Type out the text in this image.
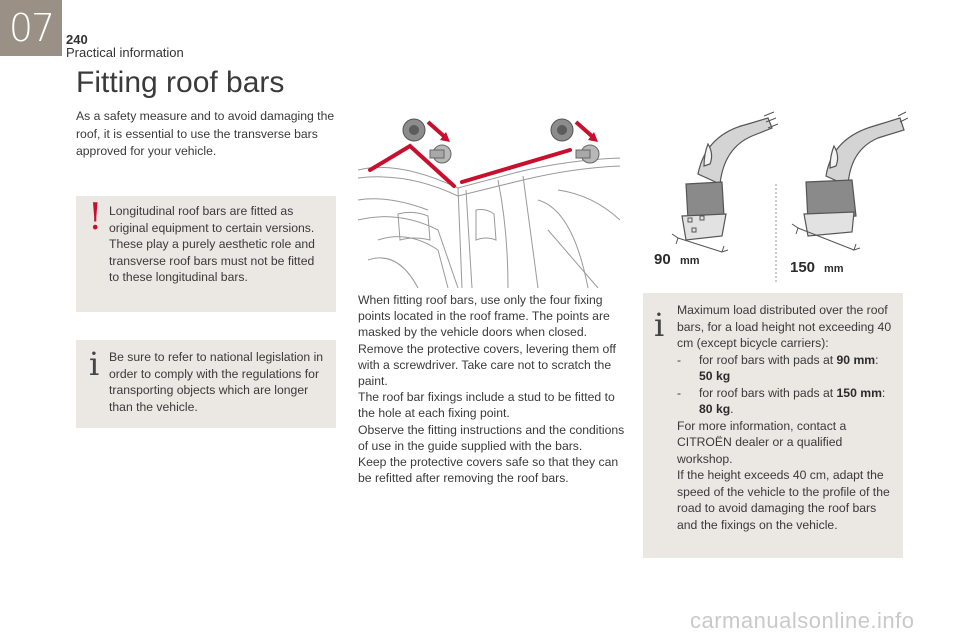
07 240
Practical information
Fitting roof bars
As a safety measure and to avoid damaging the roof, it is essential to use the transverse bars approved for your vehicle.
! Longitudinal roof bars are fitted as original equipment to certain versions. These play a purely aesthetic role and transverse roof bars must not be fitted to these longitudinal bars.
i Be sure to refer to national legislation in order to comply with the regulations for transporting objects which are longer than the vehicle.

When fitting roof bars, use only the four fixing points located in the roof frame. The points are masked by the vehicle doors when closed.

Remove the protective covers, levering them off with a screwdriver. Take care not to scratch the paint.

The roof bar fixings include a stud to be fitted to the hole at each fixing point.

Observe the fitting instructions and the conditions of use in the guide supplied with the bars.

Keep the protective covers safe so that they can be refitted after removing the roof bars.

90 mm	150 mm
i Maximum load distributed over the roof bars, for a load height not exceeding 40 cm (except bicycle carriers):

- for roof bars with pads at 90 mm:
50 kg
- for roof bars with pads at 150 mm:
80 kg.

For more information, contact a CITROËN dealer or a qualified workshop.

If the height exceeds 40 cm, adapt the speed of the vehicle to the profile of the road to avoid damaging the roof bars and the fixings on the vehicle.

carmanualsonline.info
